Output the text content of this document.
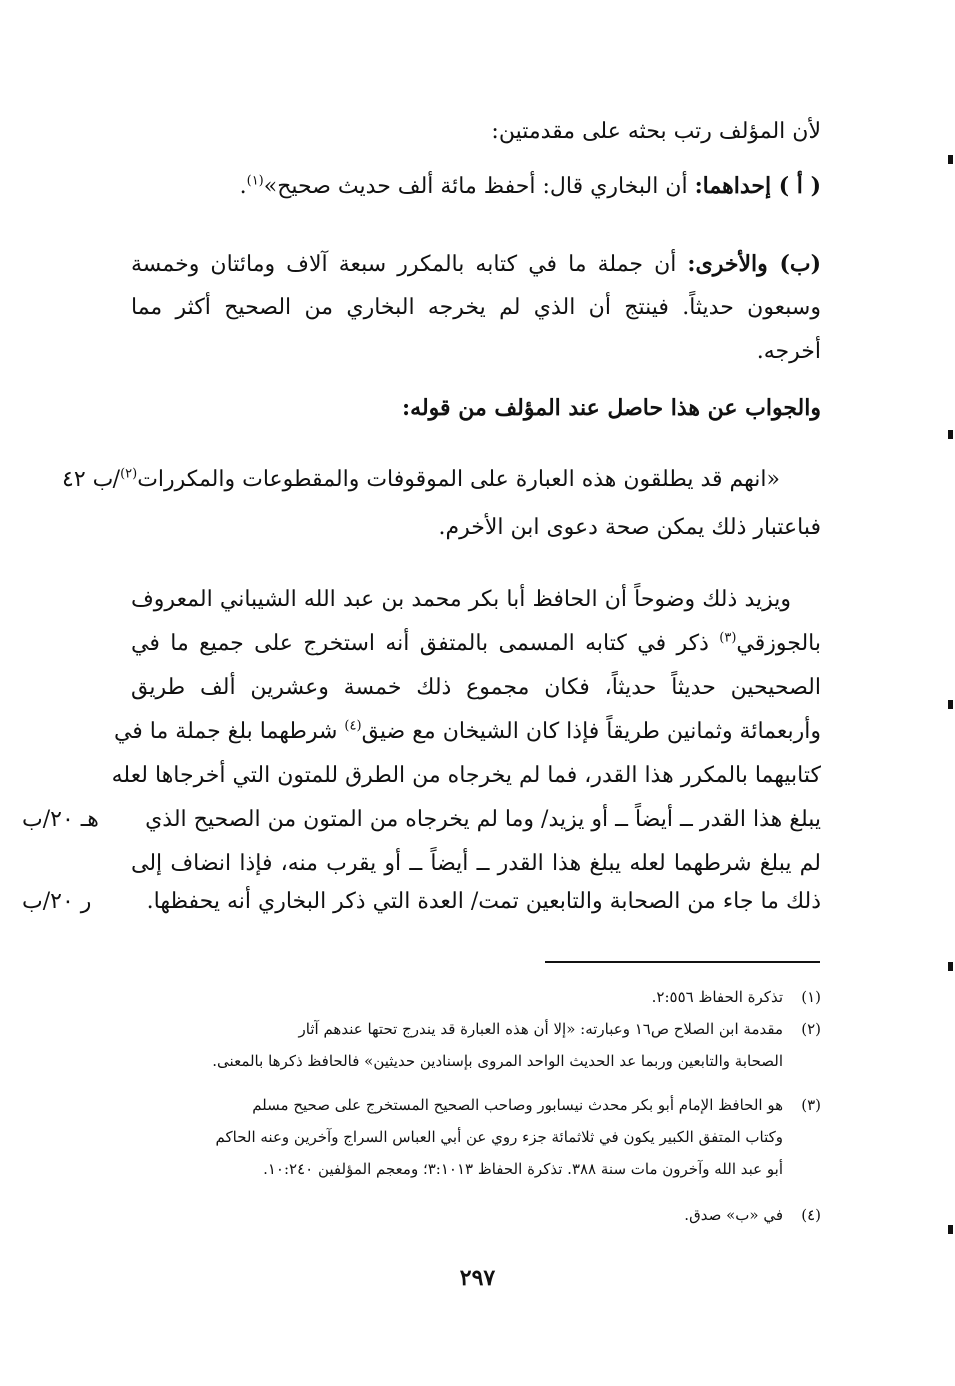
لأن المؤلف رتب بحثه على مقدمتين:
( أ ) إحداهما: أن البخاري قال: أحفظ مائة ألف حديث صحيح»$^{(١)}$.
(ب) والأخرى: أن جملة ما في كتابه بالمكرر سبعة آلاف ومائتان وخمسة
وسبعون حديثاً. فينتج أن الذي لم يخرجه البخاري من الصحيح أكثر مما
أخرجه.
والجواب عن هذا حاصل عند المؤلف من قوله:
«انهم قد يطلقون هذه العبارة على الموقوفات والمقطوعات والمكررات$^{(٢)}$/
ب ٤٢
فباعتبار ذلك يمكن صحة دعوى ابن الأخرم.
ويزيد ذلك وضوحاً أن الحافظ أبا بكر محمد بن عبد الله الشيباني المعروف
بالجوزقي$^{(٣)}$ ذكر في كتابه المسمى بالمتفق أنه استخرج على جميع ما في
الصحيحين حديثاً حديثاً، فكان مجموع ذلك خمسة وعشرين ألف طريق
وأربعمائة وثمانين طريقاً فإذا كان الشيخان مع ضيق$^{(٤)}$ شرطهما بلغ جملة ما في
كتابيهما بالمكرر هذا القدر، فما لم يخرجاه من الطرق للمتون التي أخرجاها لعله
يبلغ هذا القدر ــ أيضاً ــ أو يزيد/ وما لم يخرجاه من المتون من الصحيح الذي
هـ ٢٠/ب
لم يبلغ شرطهما لعله يبلغ هذا القدر ــ أيضاً ــ أو يقرب منه، فإذا انضاف إلى
ذلك ما جاء من الصحابة والتابعين تمت/ العدة التي ذكر البخاري أنه يحفظها.
ر ٢٠/ب
(١)تذكرة الحفاظ ٢:٥٥٦.
(٢)مقدمة ابن الصلاح ص١٦ وعبارته: «إلا أن هذه العبارة قد يندرج تحتها عندهم آثار
الصحابة والتابعين وربما عد الحديث الواحد المروى بإسنادين حديثين» فالحافظ ذكرها بالمعنى.
(٣)هو الحافظ الإمام أبو بكر محدث نيسابور وصاحب الصحيح المستخرج على صحيح مسلم
وكتاب المتفق الكبير يكون في ثلاثمائة جزء روي عن أبي العباس السراج وآخرين وعنه الحاكم
أبو عبد الله وآخرون مات سنة ٣٨٨. تذكرة الحفاظ ٣:١٠١٣؛ ومعجم المؤلفين ١٠:٢٤٠.
(٤)في «ب» صدق.
٢٩٧
